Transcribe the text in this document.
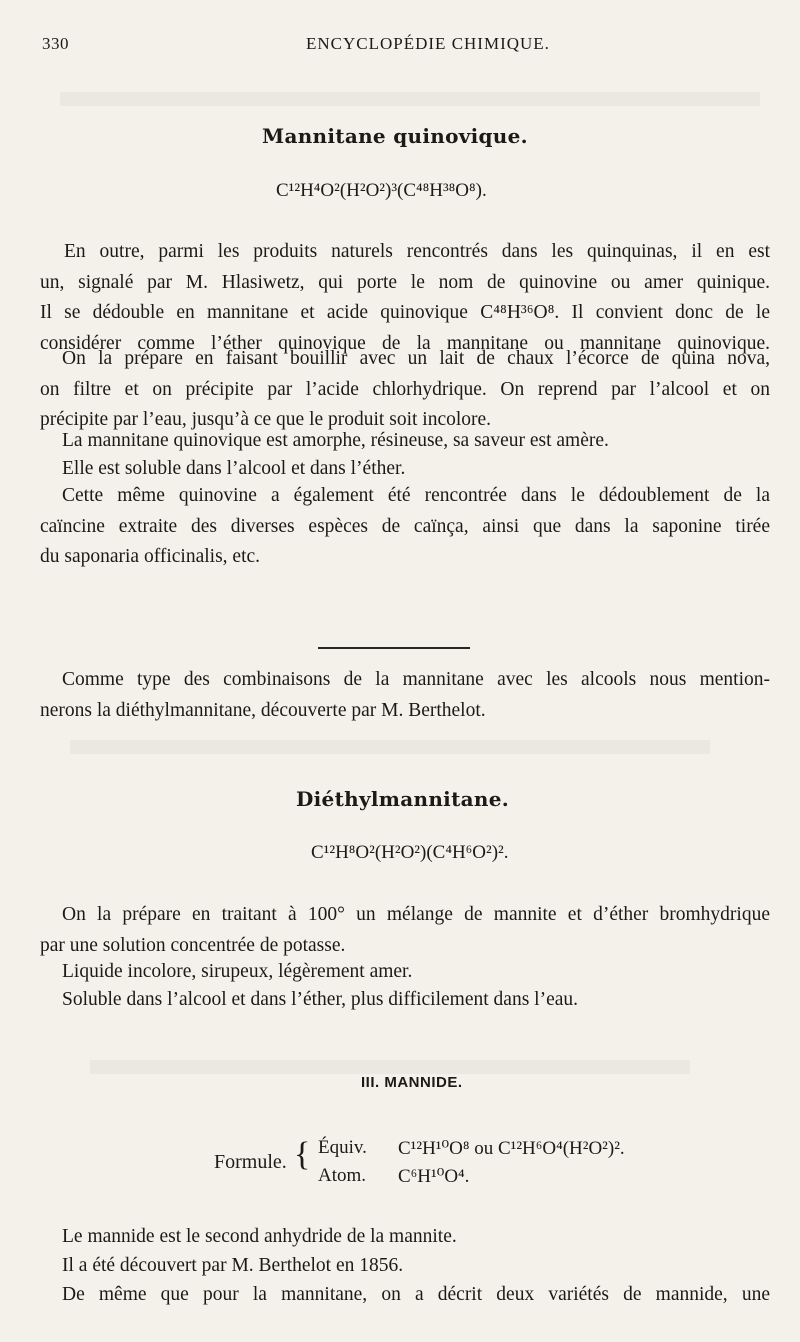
330	ENCYCLOPÉDIE CHIMIQUE.
Mannitane quinovique.
C¹²H⁴O²(H²O²)³(C⁴⁸H³⁸O⁸).
En outre, parmi les produits naturels rencontrés dans les quinquinas, il en est
un, signalé par M. Hlasiwetz, qui porte le nom de quinovine ou amer quinique.
Il se dédouble en mannitane et acide quinovique C⁴⁸H³⁶O⁸. Il convient donc de le
considérer comme l’éther quinovique de la mannitane ou mannitane quinovique.
On la prépare en faisant bouillir avec un lait de chaux l’écorce de quina nova,
on filtre et on précipite par l’acide chlorhydrique. On reprend par l’alcool et on
précipite par l’eau, jusqu’à ce que le produit soit incolore.
La mannitane quinovique est amorphe, résineuse, sa saveur est amère.
Elle est soluble dans l’alcool et dans l’éther.
Cette même quinovine a également été rencontrée dans le dédoublement de la
caïncine extraite des diverses espèces de caïnça, ainsi que dans la saponine tirée
du saponaria officinalis, etc.
Comme type des combinaisons de la mannitane avec les alcools nous mention-
nerons la diéthylmannitane, découverte par M. Berthelot.
Diéthylmannitane.
C¹²H⁸O²(H²O²)(C⁴H⁶O²)².
On la prépare en traitant à 100° un mélange de mannite et d’éther bromhydrique
par une solution concentrée de potasse.
Liquide incolore, sirupeux, légèrement amer.
Soluble dans l’alcool et dans l’éther, plus difficilement dans l’eau.
III. MANNIDE.
Formule. { Équiv. C¹²H¹⁰O⁸ ou C¹²H⁶O⁴(H²O²)².
Atom. C⁶H¹⁰O⁴.
Le mannide est le second anhydride de la mannite.
Il a été découvert par M. Berthelot en 1856.
De même que pour la mannitane, on a décrit deux variétés de mannide, une
